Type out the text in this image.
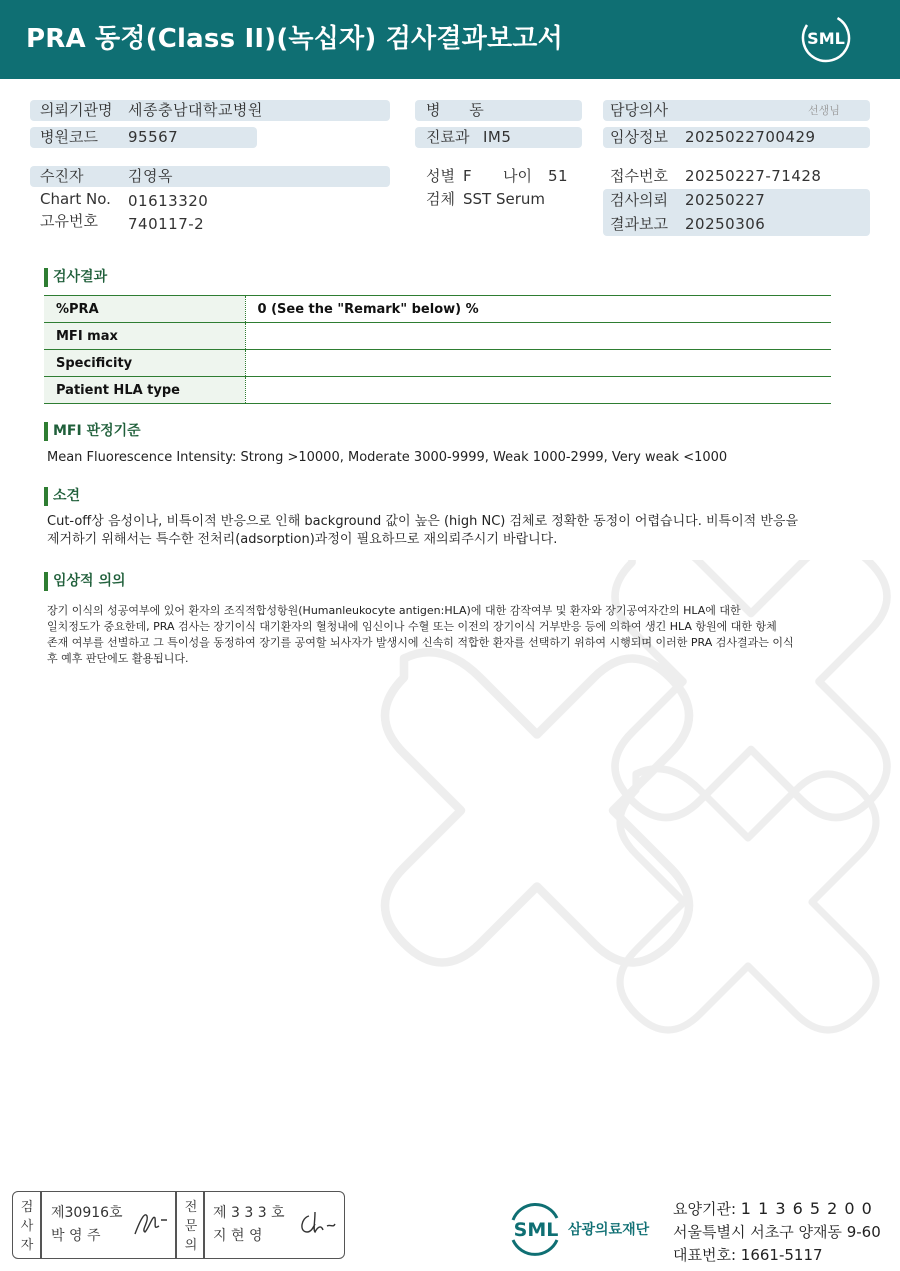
PRA 동정(Class II)(녹십자) 검사결과보고서	SML
의뢰기관명 세종충남대학교병원	병 동	담당의사	선생님
병원코드 95567	진료과 IM5	임상정보 2025022700429
수진자	김영옥	성별 F 나이 51	접수번호 20250227-71428
Chart No. 01613320
고유번호 740117-2
검체 SST Serum	검사의뢰 20250227
결과보고 20250306
검사결과
%PRA	0 (See the "Remark" below) %
MFI max	
Specificity	
Patient HLA type	
MFI 판정기준
Mean Fluorescence Intensity: Strong >10000, Moderate 3000-9999, Weak 1000-2999, Very weak <1000
소견
Cut-off상 음성이나, 비특이적 반응으로 인해 background 값이 높은 (high NC) 검체로 정확한 동정이 어렵습니다. 비특이적 반응을
제거하기 위해서는 특수한 전처리(adsorption)과정이 필요하므로 재의뢰주시기 바랍니다.
임상적 의의
장기 이식의 성공여부에 있어 환자의 조직적합성항원(Humanleukocyte antigen:HLA)에 대한 감작여부 및 환자와 장기공여자간의 HLA에 대한
일치정도가 중요한데, PRA 검사는 장기이식 대기환자의 혈청내에 임신이나 수혈 또는 이전의 장기이식 거부반응 등에 의하여 생긴 HLA 항원에 대한 항체
존재 여부를 선별하고 그 특이성을 동정하여 장기를 공여할 뇌사자가 발생시에 신속히 적합한 환자를 선택하기 위하여 시행되며 이러한 PRA 검사결과는 이식
후 예후 판단에도 활용됩니다.
검
사
자
제30916호
박 영 주
전
문
의
제 3 3 3 호
지 현 영	SML 삼광의료재단
요양기관: 1 1 3 6 5 2 0 0
서울특별시 서초구 양재동 9-60
대표번호: 1661-5117
